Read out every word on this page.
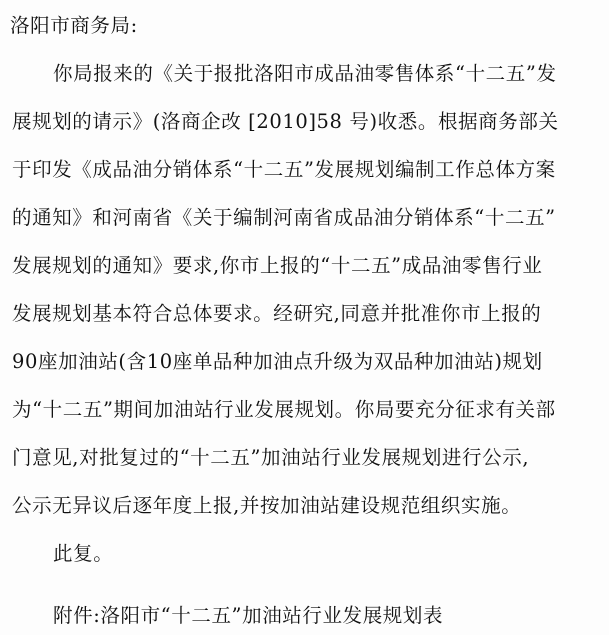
洛阳市商务局:
你局报来的《关于报批洛阳市成品油零售体系“十二五”发
展规划的请示》(洛商企改 [2010]58 号)收悉。根据商务部关
于印发《成品油分销体系“十二五”发展规划编制工作总体方案
的通知》和河南省《关于编制河南省成品油分销体系“十二五”
发展规划的通知》要求,你市上报的“十二五”成品油零售行业
发展规划基本符合总体要求。经研究,同意并批准你市上报的
90座加油站(含10座单品种加油点升级为双品种加油站)规划
为“十二五”期间加油站行业发展规划。你局要充分征求有关部
门意见,对批复过的“十二五”加油站行业发展规划进行公示,
公示无异议后逐年度上报,并按加油站建设规范组织实施。
此复。
附件:洛阳市“十二五”加油站行业发展规划表
